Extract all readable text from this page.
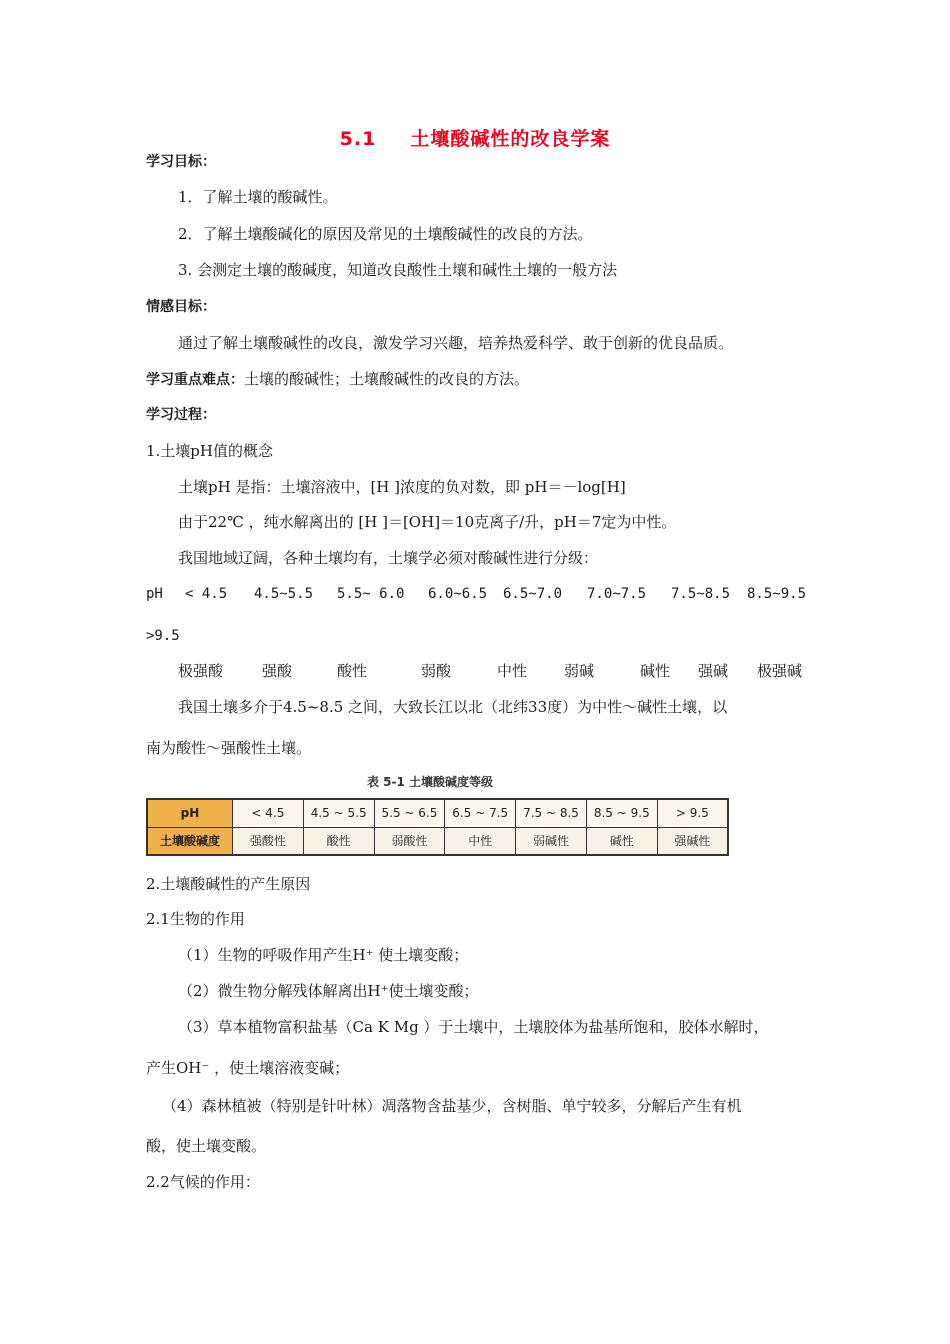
5.1 土壤酸碱性的改良学案
学习目标：
1．了解土壤的酸碱性。
2．了解土壤酸碱化的原因及常见的土壤酸碱性的改良的方法。
3. 会测定土壤的酸碱度，知道改良酸性土壤和碱性土壤的一般方法
情感目标：
通过了解土壤酸碱性的改良，激发学习兴趣，培养热爱科学、敢于创新的优良品质。
学习重点难点：土壤的酸碱性；土壤酸碱性的改良的方法。
学习过程：
1.土壤pH值的概念
土壤pH 是指：土壤溶液中，[H ]浓度的负对数，即 pH＝－log[H]
由于22℃ ，纯水解离出的 [H ]＝[OH]＝10克离子/升，pH＝7定为中性。
我国地域辽阔，各种土壤均有，土壤学必须对酸碱性进行分级：
pH < 4.5 4.5~5.5 5.5~ 6.0 6.0~6.5 6.5~7.0 7.0~7.5 7.5~8.5 8.5~9.5
>9.5
极强酸	强酸	酸性	弱酸	中性 弱碱	碱性 强碱 极强碱
我国土壤多介于4.5~8.5 之间，大致长江以北（北纬33度）为中性～碱性土壤，以
南为酸性～强酸性土壤。
表 5-1 土壤酸碱度等级
pH	< 4.5	4.5 ~ 5.5	5.5 ~ 6.5	6.5 ~ 7.5	7.5 ~ 8.5	8.5 ~ 9.5	> 9.5
土壤酸碱度	强酸性	酸性	弱酸性	中性	弱碱性	碱性	强碱性
2.土壤酸碱性的产生原因
2.1生物的作用
（1）生物的呼吸作用产生H⁺ 使土壤变酸；
（2）微生物分解残体解离出H⁺使土壤变酸；
（3）草本植物富积盐基（Ca K Mg ）于土壤中，土壤胶体为盐基所饱和，胶体水解时，
产生OH⁻ ，使土壤溶液变碱；
（4）森林植被（特别是针叶林）凋落物含盐基少，含树脂、单宁较多，分解后产生有机
酸，使土壤变酸。
2.2气候的作用：
